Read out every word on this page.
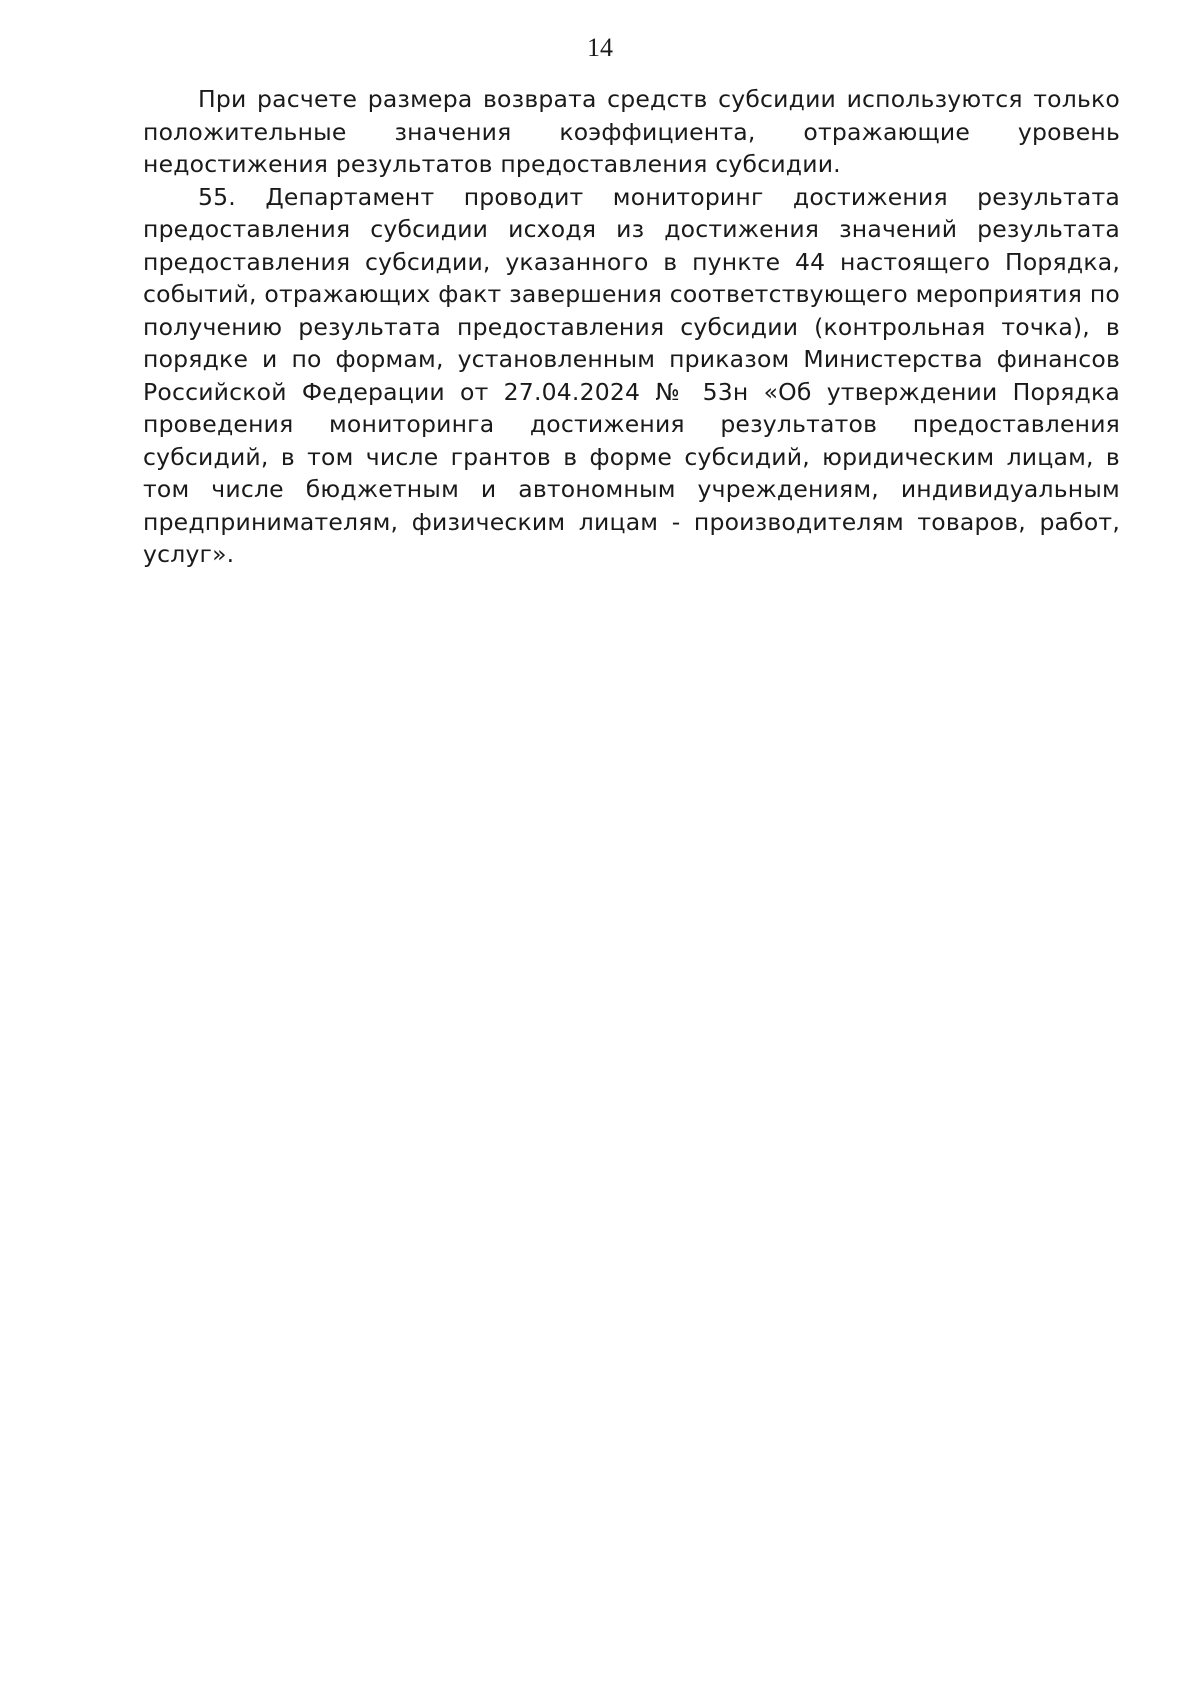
14

При расчете размера возврата средств субсидии используются только положительные значения коэффициента, отражающие уровень недостижения результатов предоставления субсидии.

55. Департамент проводит мониторинг достижения результата предоставления субсидии исходя из достижения значений результата предоставления субсидии, указанного в пункте 44 настоящего Порядка, событий, отражающих факт завершения соответствующего мероприятия по получению результата предоставления субсидии (контрольная точка), в порядке и по формам, установленным приказом Министерства финансов Российской Федерации от 27.04.2024 № 53н «Об утверждении Порядка проведения мониторинга достижения результатов предоставления субсидий, в том числе грантов в форме субсидий, юридическим лицам, в том числе бюджетным и автономным учреждениям, индивидуальным предпринимателям, физическим лицам - производителям товаров, работ, услуг».
